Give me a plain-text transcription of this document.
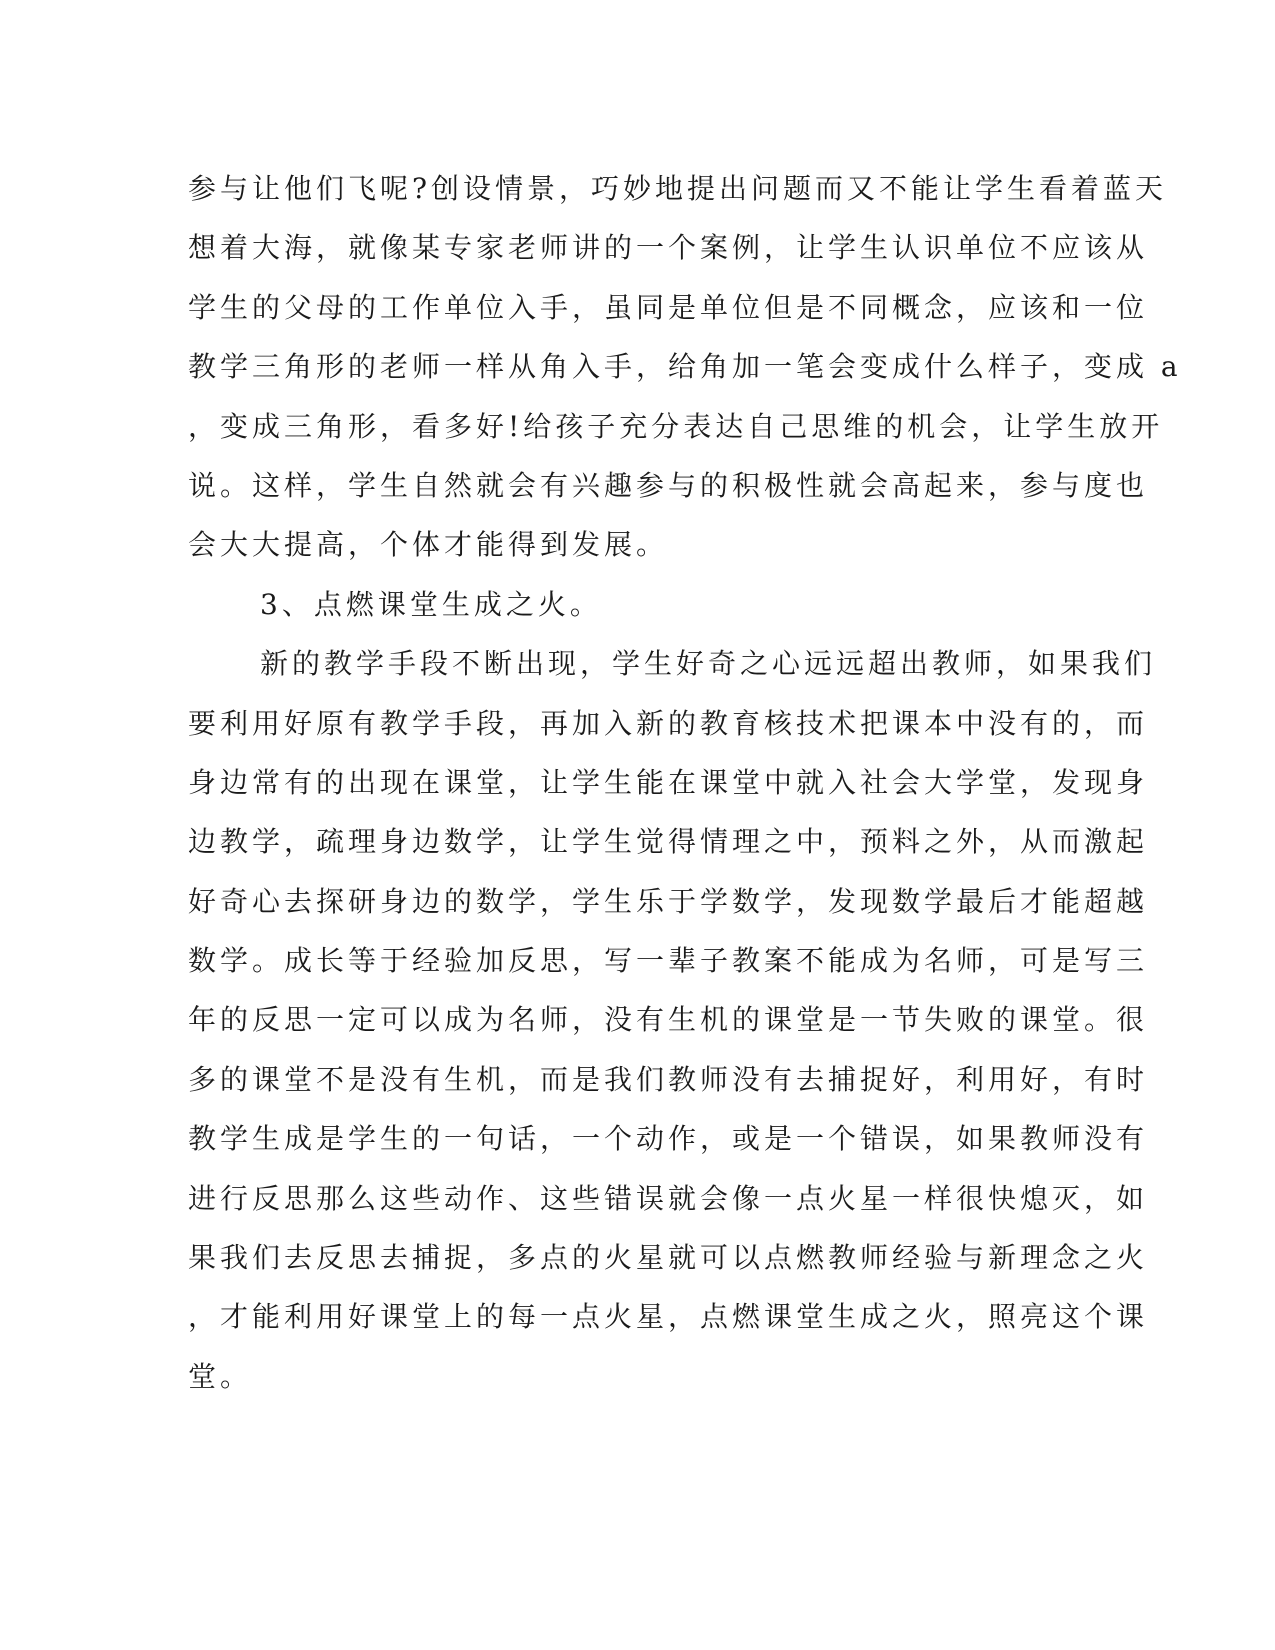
参与让他们飞呢?创设情景，巧妙地提出问题而又不能让学生看着蓝天
想着大海，就像某专家老师讲的一个案例，让学生认识单位不应该从
学生的父母的工作单位入手，虽同是单位但是不同概念，应该和一位
教学三角形的老师一样从角入手，给角加一笔会变成什么样子，变成 a
，变成三角形，看多好!给孩子充分表达自己思维的机会，让学生放开
说。这样，学生自然就会有兴趣参与的积极性就会高起来，参与度也
会大大提高，个体才能得到发展。
3、点燃课堂生成之火。
新的教学手段不断出现，学生好奇之心远远超出教师，如果我们
要利用好原有教学手段，再加入新的教育核技术把课本中没有的，而
身边常有的出现在课堂，让学生能在课堂中就入社会大学堂，发现身
边教学，疏理身边数学，让学生觉得情理之中，预料之外，从而激起
好奇心去探研身边的数学，学生乐于学数学，发现数学最后才能超越
数学。成长等于经验加反思，写一辈子教案不能成为名师，可是写三
年的反思一定可以成为名师，没有生机的课堂是一节失败的课堂。很
多的课堂不是没有生机，而是我们教师没有去捕捉好，利用好，有时
教学生成是学生的一句话，一个动作，或是一个错误，如果教师没有
进行反思那么这些动作、这些错误就会像一点火星一样很快熄灭，如
果我们去反思去捕捉，多点的火星就可以点燃教师经验与新理念之火
，才能利用好课堂上的每一点火星，点燃课堂生成之火，照亮这个课
堂。
